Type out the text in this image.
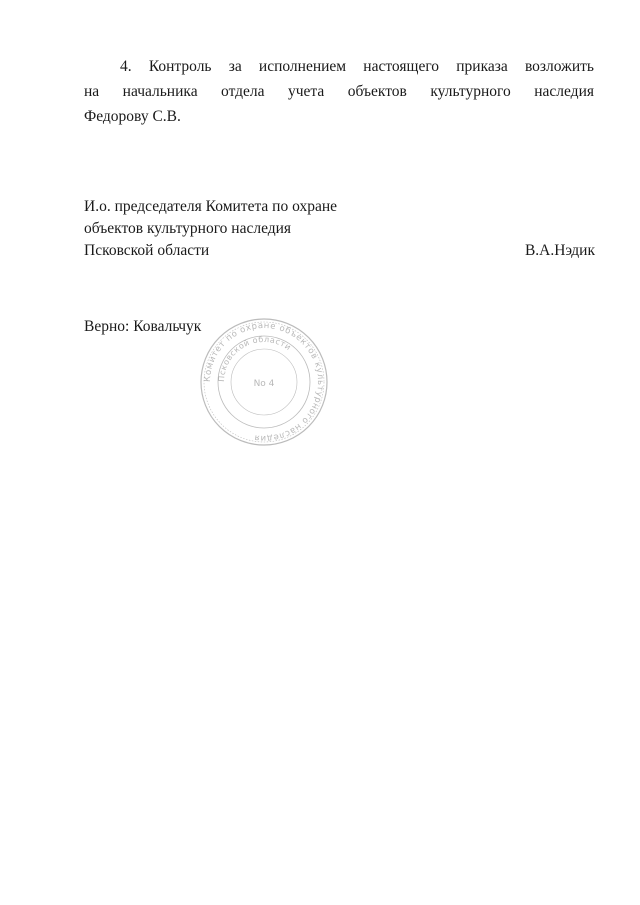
4. Контроль за исполнением настоящего приказа возложить
на начальника отдела учета объектов культурного наследия
Федорову С.В.
И.о. председателя Комитета по охране
объектов культурного наследия
Псковской области	В.А.Нэдик
Верно: Ковальчук
Комитет по охране объектов культурного наследия
Псковской области
No 4
